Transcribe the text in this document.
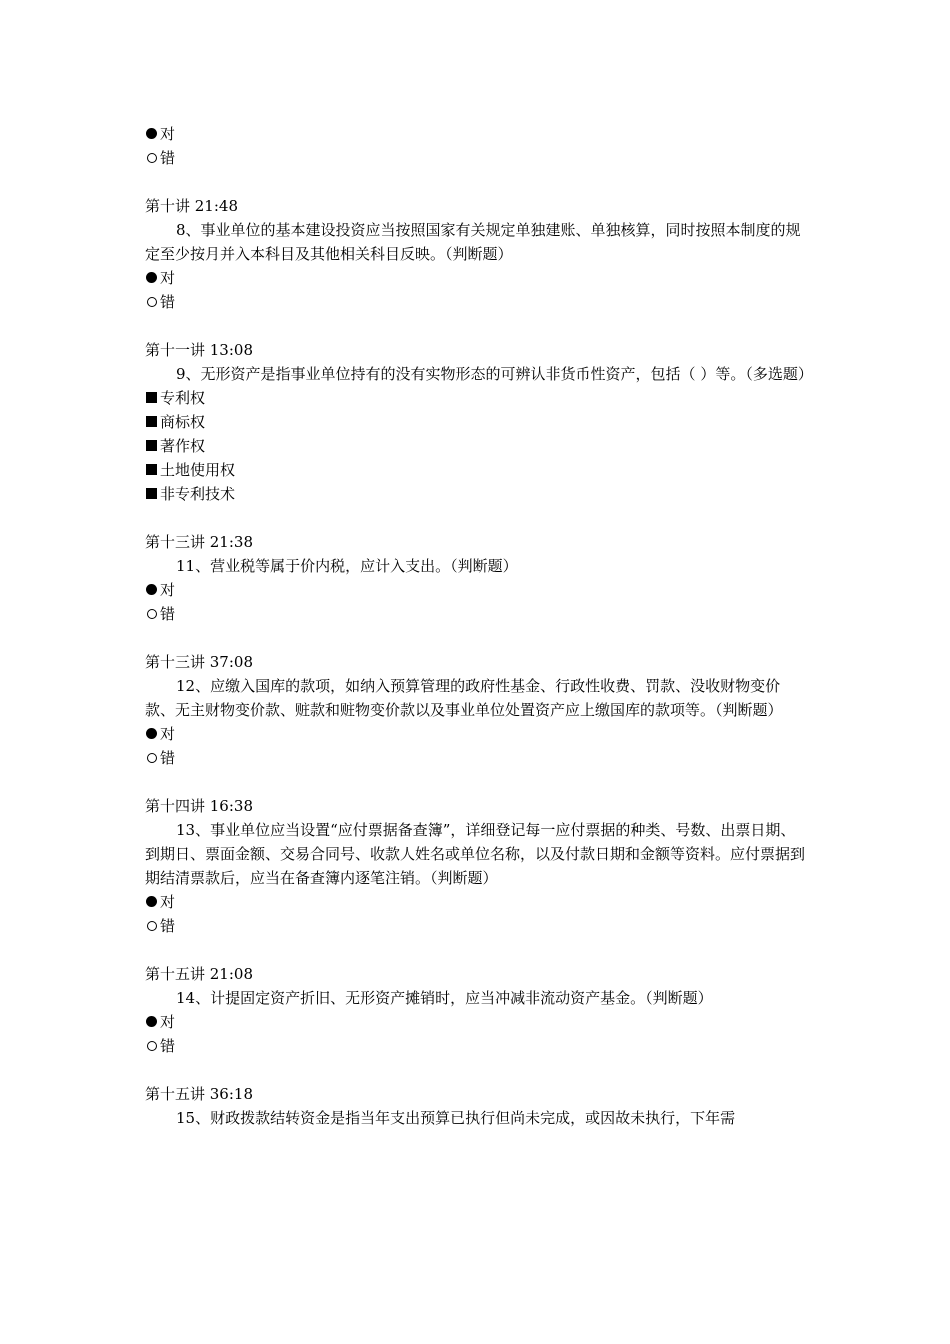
对
错
第十讲 21:48
8、事业单位的基本建设投资应当按照国家有关规定单独建账、单独核算，同时按照本制度的规定至少按月并入本科目及其他相关科目反映。（判断题）
对
错
第十一讲 13:08
9、无形资产是指事业单位持有的没有实物形态的可辨认非货币性资产，包括（ ）等。（多选题）
专利权
商标权
著作权
土地使用权
非专利技术
第十三讲 21:38
11、营业税等属于价内税，应计入支出。（判断题）
对
错
第十三讲 37:08
12、应缴入国库的款项，如纳入预算管理的政府性基金、行政性收费、罚款、没收财物变价款、无主财物变价款、赃款和赃物变价款以及事业单位处置资产应上缴国库的款项等。（判断题）
对
错
第十四讲 16:38
13、事业单位应当设置“应付票据备查簿”，详细登记每一应付票据的种类、号数、出票日期、到期日、票面金额、交易合同号、收款人姓名或单位名称，以及付款日期和金额等资料。应付票据到期结清票款后，应当在备查簿内逐笔注销。（判断题）
对
错
第十五讲 21:08
14、计提固定资产折旧、无形资产摊销时，应当冲减非流动资产基金。（判断题）
对
错
第十五讲 36:18
15、财政拨款结转资金是指当年支出预算已执行但尚未完成，或因故未执行，下年需
